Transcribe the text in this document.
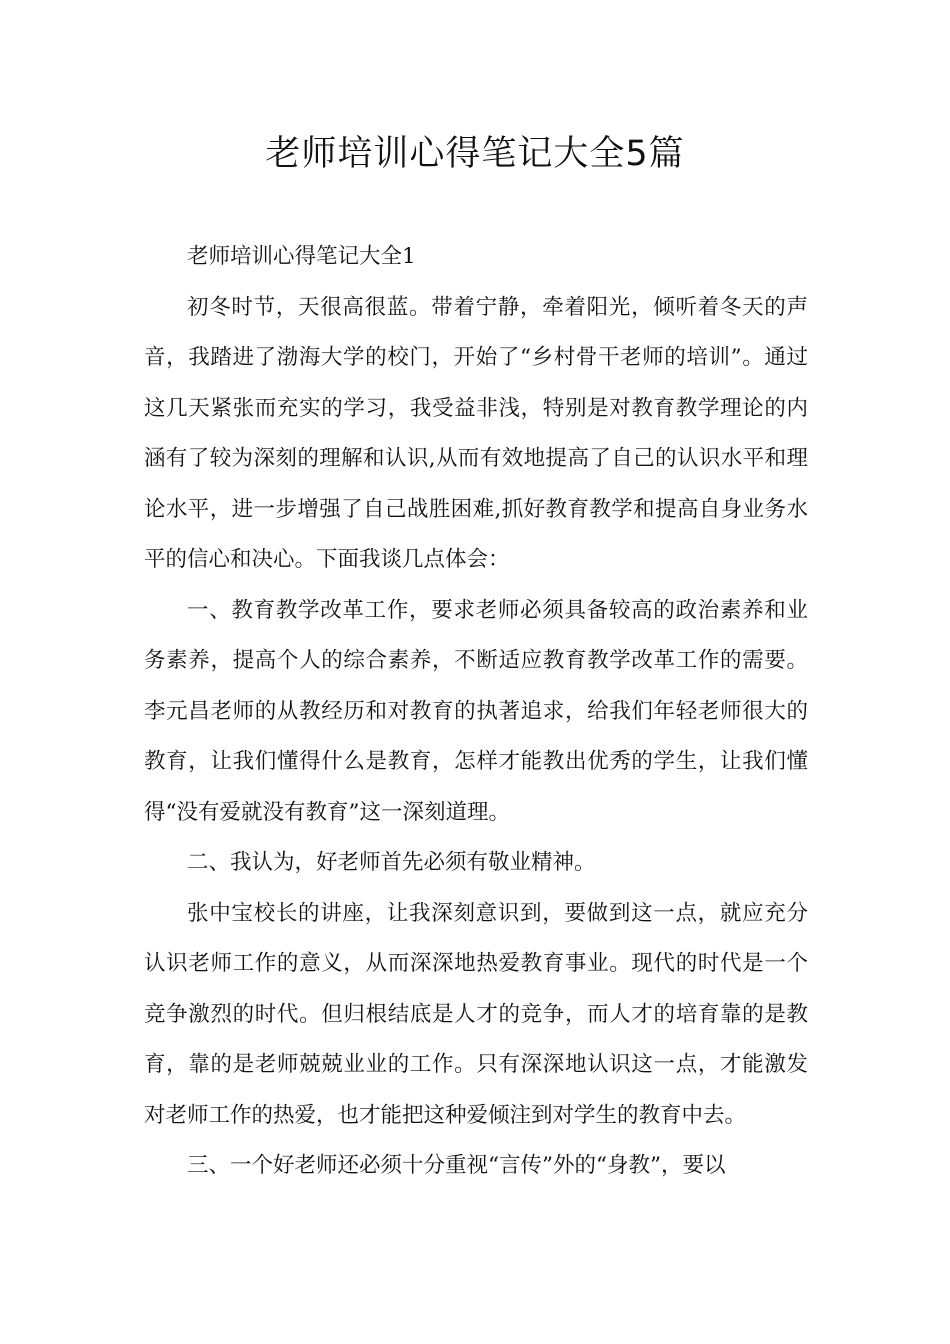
老师培训心得笔记大全5篇

老师培训心得笔记大全1

初冬时节，天很高很蓝。带着宁静，牵着阳光，倾听着冬天的声音，我踏进了渤海大学的校门，开始了“乡村骨干老师的培训”。通过这几天紧张而充实的学习，我受益非浅，特别是对教育教学理论的内涵有了较为深刻的理解和认识,从而有效地提高了自己的认识水平和理论水平，进一步增强了自己战胜困难,抓好教育教学和提高自身业务水平的信心和决心。下面我谈几点体会：

一、教育教学改革工作，要求老师必须具备较高的政治素养和业务素养，提高个人的综合素养，不断适应教育教学改革工作的需要。李元昌老师的从教经历和对教育的执著追求，给我们年轻老师很大的教育，让我们懂得什么是教育，怎样才能教出优秀的学生，让我们懂得“没有爱就没有教育”这一深刻道理。

二、我认为，好老师首先必须有敬业精神。

张中宝校长的讲座，让我深刻意识到，要做到这一点，就应充分认识老师工作的意义，从而深深地热爱教育事业。现代的时代是一个竞争激烈的时代。但归根结底是人才的竞争，而人才的培育靠的是教育，靠的是老师兢兢业业的工作。只有深深地认识这一点，才能激发对老师工作的热爱，也才能把这种爱倾注到对学生的教育中去。

三、一个好老师还必须十分重视“言传”外的“身教”，要以
